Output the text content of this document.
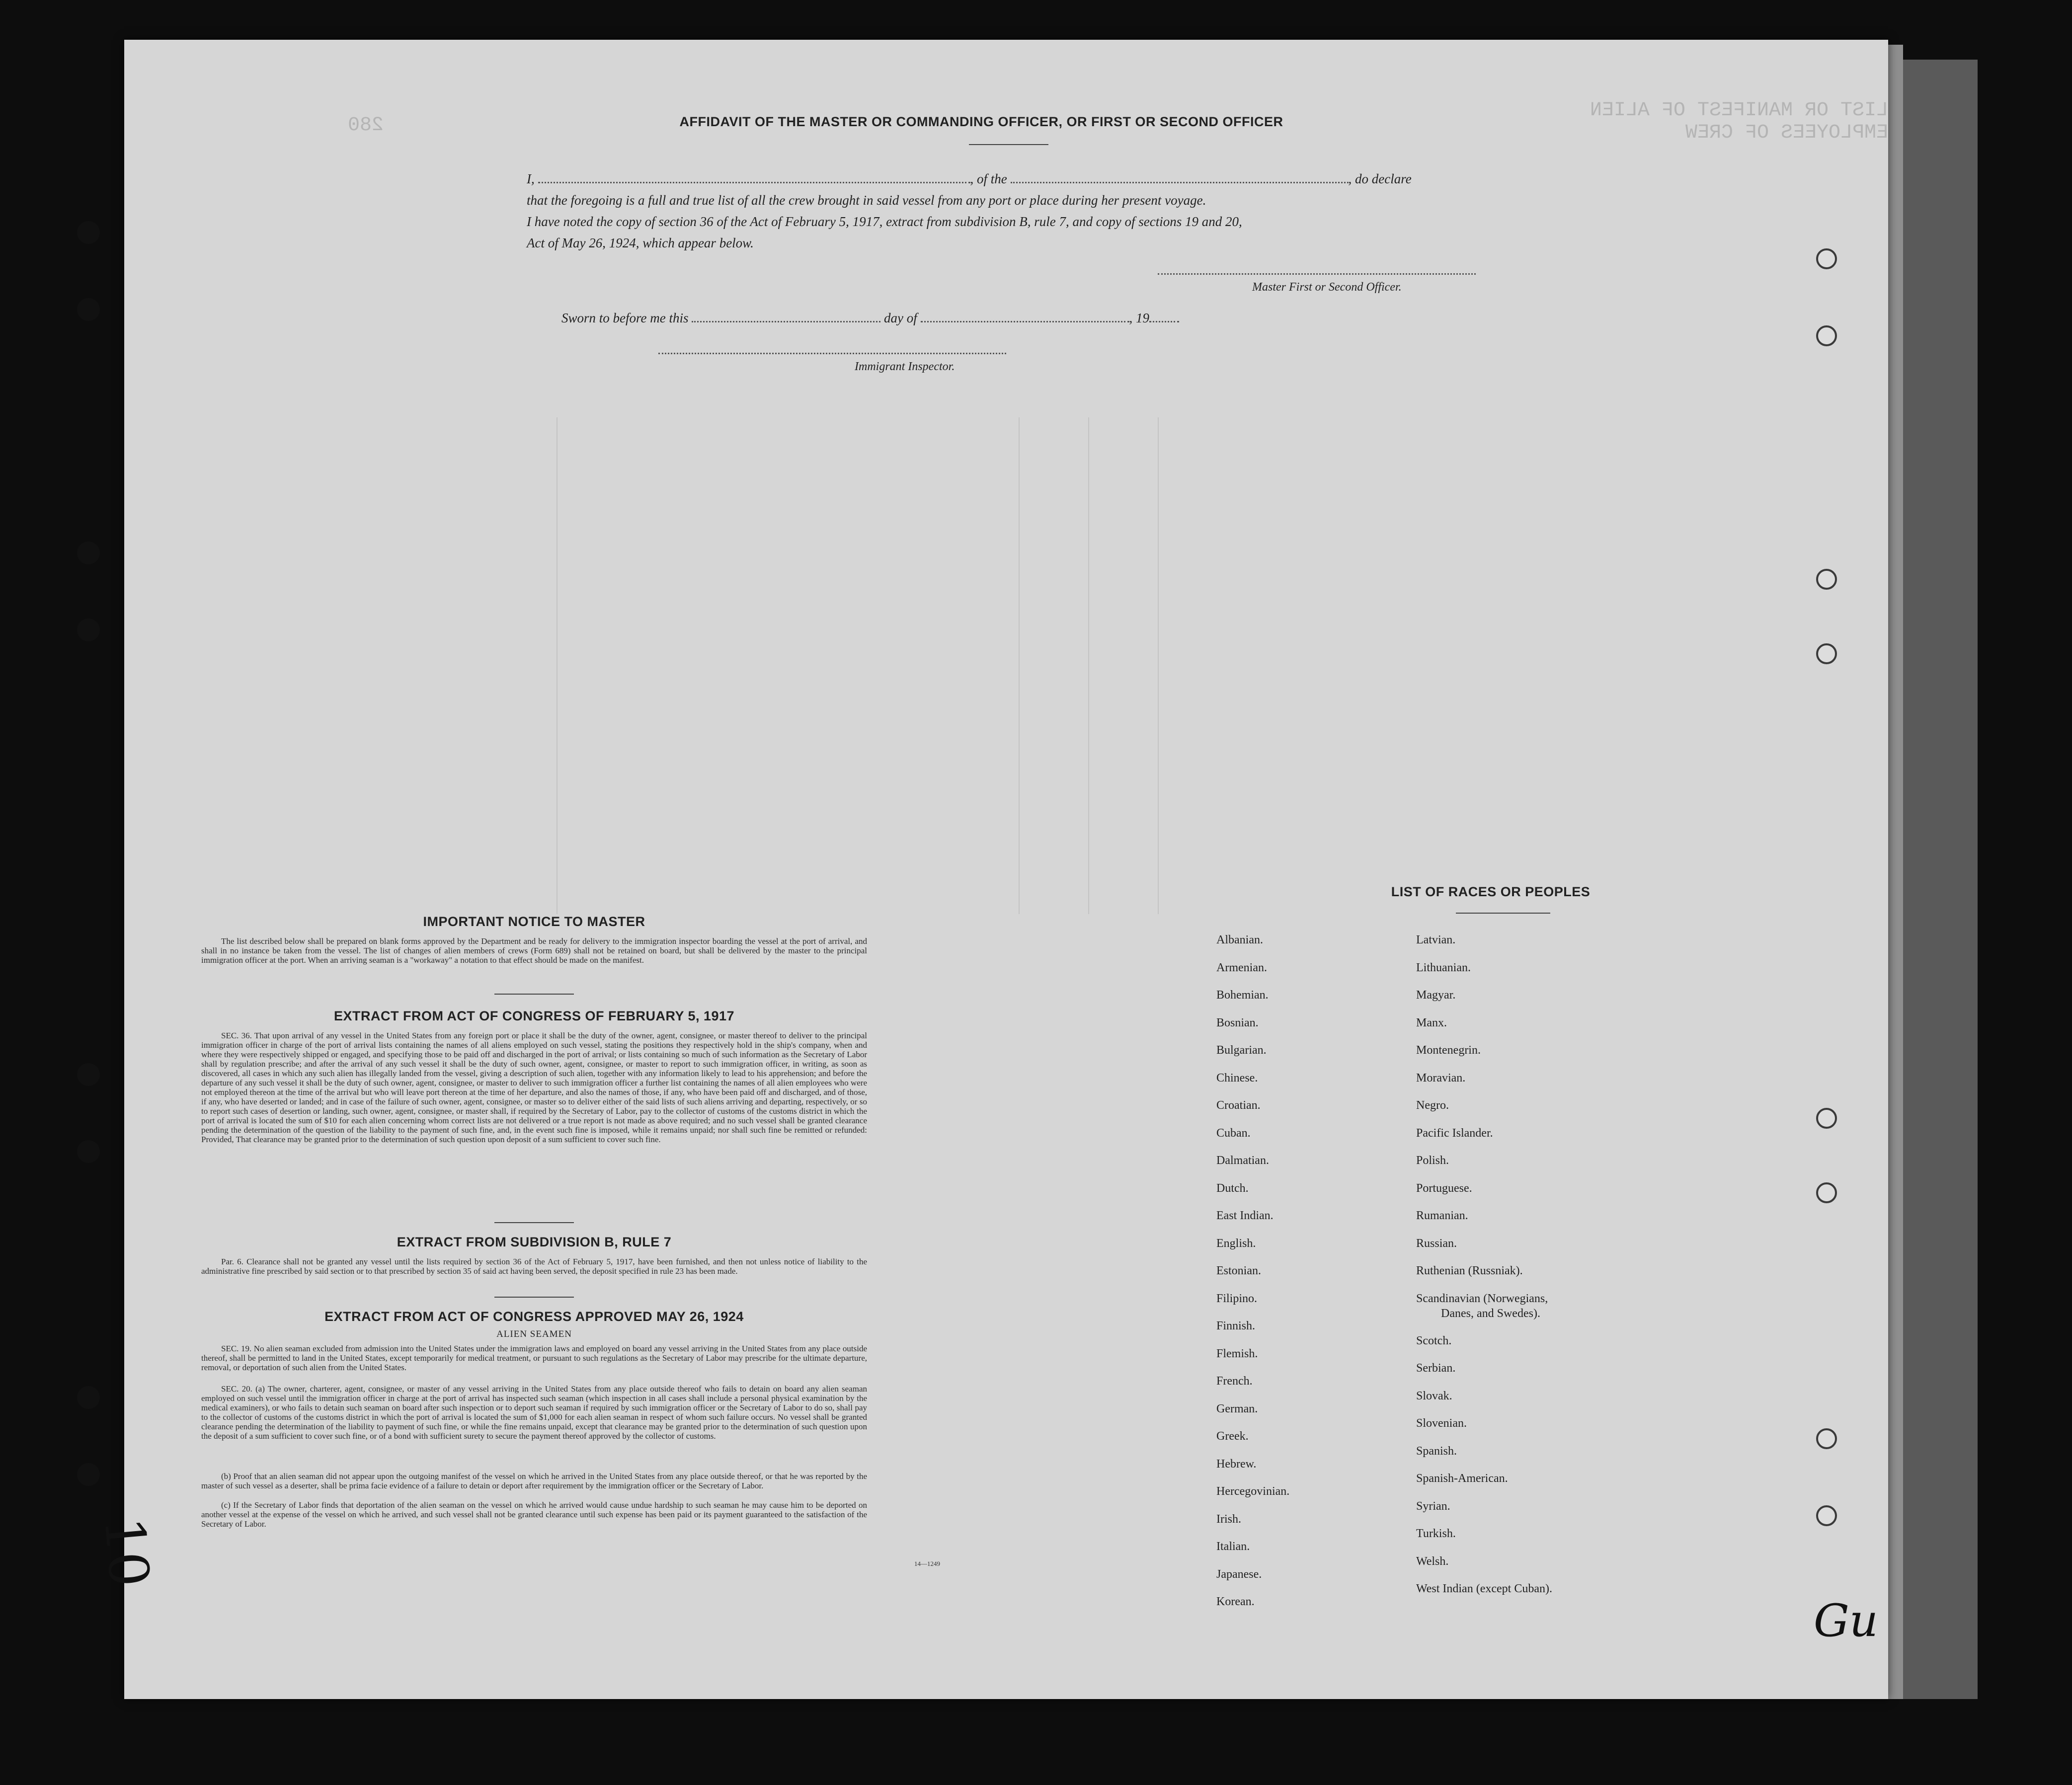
LIST OR MANIFEST OF ALIEN EMPLOYEES OF CREW
280	AFFIDAVIT OF THE MASTER OR COMMANDING OFFICER, OR FIRST OR SECOND OFFICER
I,	, of the	, do declare
that the foregoing is a full and true list of all the crew brought in said vessel from any port or place during her present voyage.
I have noted the copy of section 36 of the Act of February 5, 1917, extract from subdivision B, rule 7, and copy of sections 19 and 20,
Act of May 26, 1924, which appear below.
Master First or Second Officer.
Sworn to before me this	day of	, 19
Immigrant Inspector.
IMPORTANT NOTICE TO MASTER
The list described below shall be prepared on blank forms approved by the Department and be ready for delivery to the immigration inspector boarding the vessel at the port of arrival, and shall in no instance be taken from the vessel. The list of changes of alien members of crews (Form 689) shall not be retained on board, but shall be delivered by the master to the principal immigration officer at the port. When an arriving seaman is a "workaway" a notation to that effect should be made on the manifest.
EXTRACT FROM ACT OF CONGRESS OF FEBRUARY 5, 1917
SEC. 36. That upon arrival of any vessel in the United States from any foreign port or place it shall be the duty of the owner, agent, consignee, or master thereof to deliver to the principal immigration officer in charge of the port of arrival lists containing the names of all aliens employed on such vessel, stating the positions they respectively hold in the ship's company, when and where they were respectively shipped or engaged, and specifying those to be paid off and discharged in the port of arrival; or lists containing so much of such information as the Secretary of Labor shall by regulation prescribe; and after the arrival of any such vessel it shall be the duty of such owner, agent, consignee, or master to report to such immigration officer, in writing, as soon as discovered, all cases in which any such alien has illegally landed from the vessel, giving a description of such alien, together with any information likely to lead to his apprehension; and before the departure of any such vessel it shall be the duty of such owner, agent, consignee, or master to deliver to such immigration officer a further list containing the names of all alien employees who were not employed thereon at the time of the arrival but who will leave port thereon at the time of her departure, and also the names of those, if any, who have been paid off and discharged, and of those, if any, who have deserted or landed; and in case of the failure of such owner, agent, consignee, or master so to deliver either of the said lists of such aliens arriving and departing, respectively, or so to report such cases of desertion or landing, such owner, agent, consignee, or master shall, if required by the Secretary of Labor, pay to the collector of customs of the customs district in which the port of arrival is located the sum of $10 for each alien concerning whom correct lists are not delivered or a true report is not made as above required; and no such vessel shall be granted clearance pending the determination of the question of the liability to the payment of such fine, and, in the event such fine is imposed, while it remains unpaid; nor shall such fine be remitted or refunded: Provided, That clearance may be granted prior to the determination of such question upon deposit of a sum sufficient to cover such fine.
EXTRACT FROM SUBDIVISION B, RULE 7
Par. 6. Clearance shall not be granted any vessel until the lists required by section 36 of the Act of February 5, 1917, have been furnished, and then not unless notice of liability to the administrative fine prescribed by said section or to that prescribed by section 35 of said act having been served, the deposit specified in rule 23 has been made.
EXTRACT FROM ACT OF CONGRESS APPROVED MAY 26, 1924
ALIEN SEAMEN
SEC. 19. No alien seaman excluded from admission into the United States under the immigration laws and employed on board any vessel arriving in the United States from any place outside thereof, shall be permitted to land in the United States, except temporarily for medical treatment, or pursuant to such regulations as the Secretary of Labor may prescribe for the ultimate departure, removal, or deportation of such alien from the United States.
SEC. 20. (a) The owner, charterer, agent, consignee, or master of any vessel arriving in the United States from any place outside thereof who fails to detain on board any alien seaman employed on such vessel until the immigration officer in charge at the port of arrival has inspected such seaman (which inspection in all cases shall include a personal physical examination by the medical examiners), or who fails to detain such seaman on board after such inspection or to deport such seaman if required by such immigration officer or the Secretary of Labor to do so, shall pay to the collector of customs of the customs district in which the port of arrival is located the sum of $1,000 for each alien seaman in respect of whom such failure occurs. No vessel shall be granted clearance pending the determination of the liability to payment of such fine, or while the fine remains unpaid, except that clearance may be granted prior to the determination of such question upon the deposit of a sum sufficient to cover such fine, or of a bond with sufficient surety to secure the payment thereof approved by the collector of customs.
(b) Proof that an alien seaman did not appear upon the outgoing manifest of the vessel on which he arrived in the United States from any place outside thereof, or that he was reported by the master of such vessel as a deserter, shall be prima facie evidence of a failure to detain or deport after requirement by the immigration officer or the Secretary of Labor.
(c) If the Secretary of Labor finds that deportation of the alien seaman on the vessel on which he arrived would cause undue hardship to such seaman he may cause him to be deported on another vessel at the expense of the vessel on which he arrived, and such vessel shall not be granted clearance until such expense has been paid or its payment guaranteed to the satisfaction of the Secretary of Labor.
14—1249
LIST OF RACES OR PEOPLES
Albanian.
Armenian.
Bohemian.
Bosnian.
Bulgarian.
Chinese.
Croatian.
Cuban.
Dalmatian.
Dutch.
East Indian.
English.
Estonian.
Filipino.
Finnish.
Flemish.
French.
German.
Greek.
Hebrew.
Hercegovinian.
Irish.
Italian.
Japanese.
Korean.
Latvian.
Lithuanian.
Magyar.
Manx.
Montenegrin.
Moravian.
Negro.
Pacific Islander.
Polish.
Portuguese.
Rumanian.
Russian.
Ruthenian (Russniak).
Scandinavian (Norwegians,
Danes, and Swedes).
Scotch.
Serbian.
Slovak.
Slovenian.
Spanish.
Spanish-American.
Syrian.
Turkish.
Welsh.
West Indian (except Cuban).
Gu
10
